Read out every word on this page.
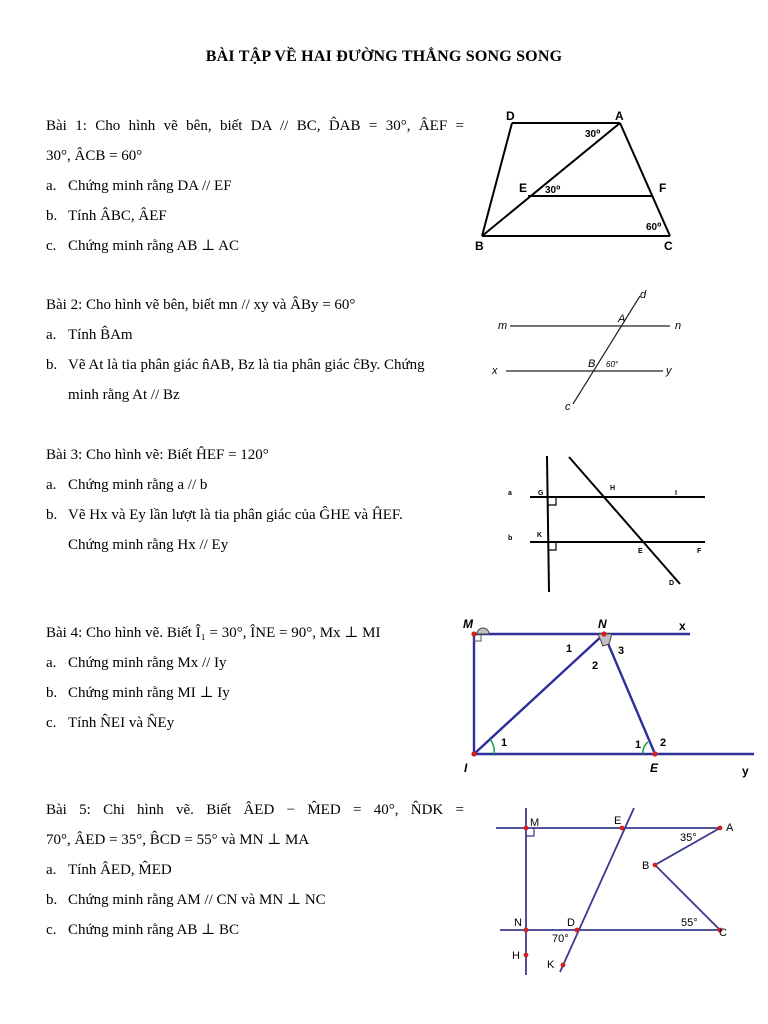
BÀI TẬP VỀ HAI ĐƯỜNG THẲNG SONG SONG
Bài 1: Cho hình vẽ bên, biết DA // BC, D̂AB = 30°, ÂEF =
30°, ÂCB = 60°
a. Chứng minh rằng DA // EF
b. Tính ÂBC, ÂEF
c. Chứng minh rằng AB ⊥ AC
D	A
30⁰
E 30⁰	F
60⁰
B	C
Bài 2: Cho hình vẽ bên, biết mn // xy và ÂBy = 60°
a. Tính B̂Am
b. Vẽ At là tia phân giác n̂AB, Bz là tia phân giác ĉBy. Chứng
minh rằng At // Bz
d
m
A
n
B 60°
x	y
c
Bài 3: Cho hình vẽ: Biết ĤEF = 120°
a. Chứng minh rằng a // b
b. Vẽ Hx và Ey lần lượt là tia phân giác của ĜHE và ĤEF.
Chứng minh rằng Hx // Ey
a	G
H
I
b	K
E	F
D
Bài 4: Cho hình vẽ. Biết Î₁ = 30°, ÎNE = 90°, Mx ⊥ MI
a. Chứng minh rằng Mx // Iy
b. Chứng minh rằng MI ⊥ Iy
c. Tính N̂EI và N̂Ey
M	N	x
1
2
3
1	1 2
I	E	y
Bài 5: Chi hình vẽ. Biết ÂED − M̂ED = 40°, N̂DK =
70°, ÂED = 35°, B̂CD = 55° và MN ⊥ MA
a. Tính ÂED, M̂ED
b. Chứng minh rằng AM // CN và MN ⊥ NC
c. Chứng minh rằng AB ⊥ BC
M	E
35°
A
B
N	D	55°
C
70°
H
K
